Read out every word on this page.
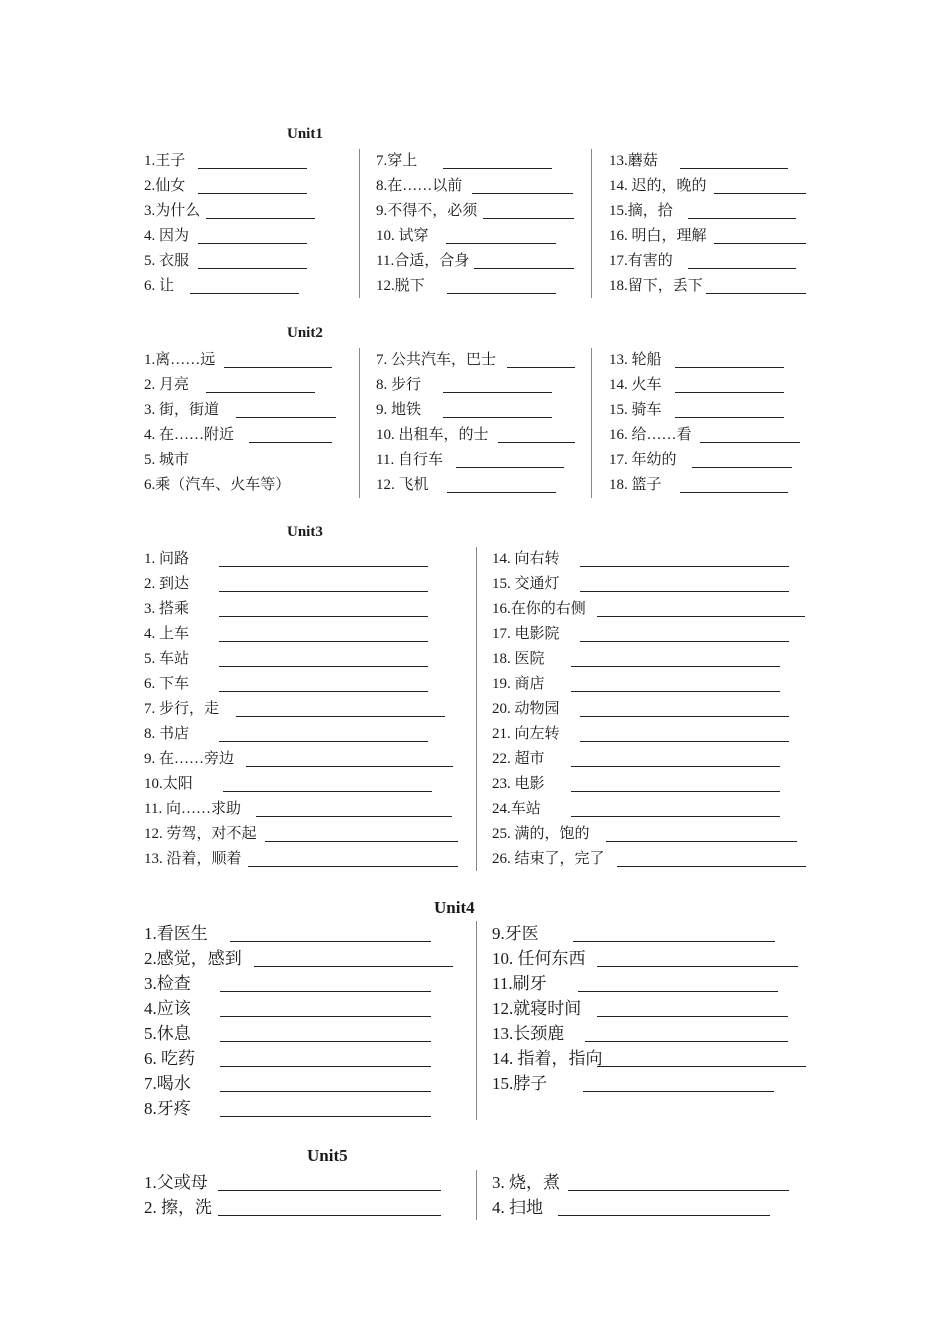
Unit1
1.王子
2.仙女
3.为什么
4. 因为
5. 衣服
6. 让
7.穿上
8.在……以前
9.不得不，必须
10. 试穿
11.合适，合身
12.脱下
13.蘑菇
14. 迟的，晚的
15.摘，拾
16. 明白，理解
17.有害的
18.留下，丢下
Unit2
1.离……远
2. 月亮
3. 街，街道
4. 在……附近
5. 城市
6.乘（汽车、火车等）
7. 公共汽车，巴士
8. 步行
9. 地铁
10. 出租车，的士
11. 自行车
12. 飞机
13. 轮船
14. 火车
15. 骑车
16. 给……看
17. 年幼的
18. 篮子
Unit3
1. 问路
2. 到达
3. 搭乘
4. 上车
5. 车站
6. 下车
7. 步行，走
8. 书店
9. 在……旁边
10.太阳
11. 向……求助
12. 劳驾，对不起
13. 沿着，顺着
14. 向右转
15. 交通灯
16.在你的右侧
17. 电影院
18. 医院
19. 商店
20. 动物园
21. 向左转
22. 超市
23. 电影
24.车站
25. 满的，饱的
26. 结束了，完了
Unit4
1.看医生
2.感觉，感到
3.检查
4.应该
5.休息
6. 吃药
7.喝水
8.牙疼
9.牙医
10. 任何东西
11.刷牙
12.就寝时间
13.长颈鹿
14. 指着，指向
15.脖子
Unit5
1.父或母
2. 擦，洗
3. 烧，煮
4. 扫地
